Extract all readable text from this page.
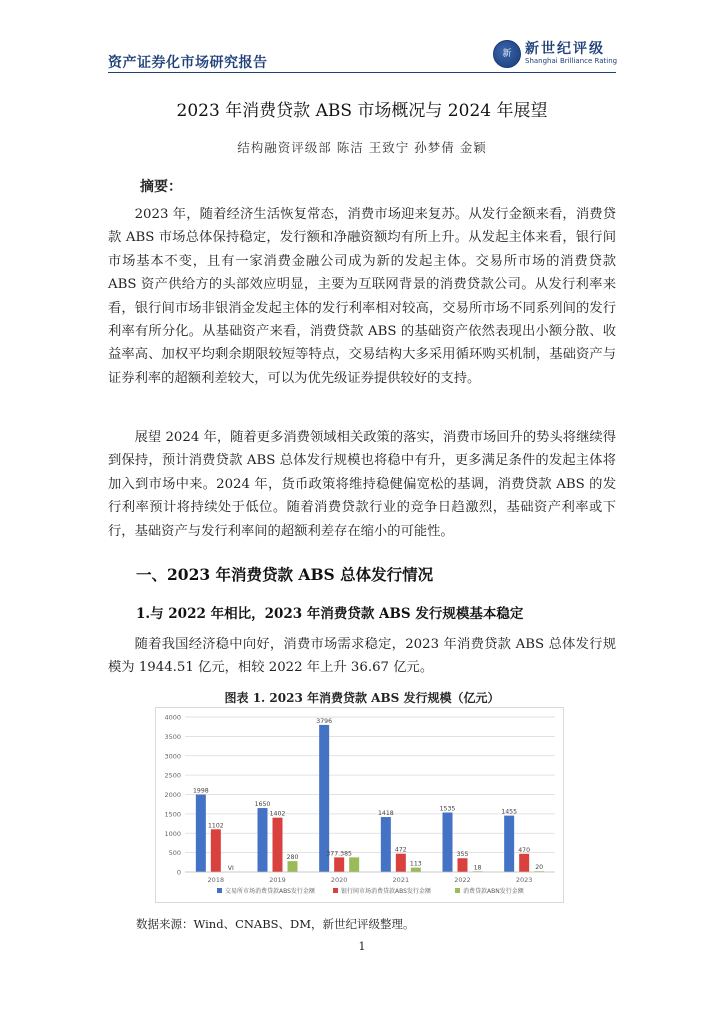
资产证券化市场研究报告
新 新世纪评级
Shanghai Brilliance Rating
2023 年消费贷款 ABS 市场概况与 2024 年展望
结构融资评级部 陈洁 王致宁 孙梦倩 金颖
摘要：

2023 年，随着经济生活恢复常态，消费市场迎来复苏。从发行金额来看，消费贷款 ABS 市场总体保持稳定，发行额和净融资额均有所上升。从发起主体来看，银行间市场基本不变，且有一家消费金融公司成为新的发起主体。交易所市场的消费贷款 ABS 资产供给方的头部效应明显，主要为互联网背景的消费贷款公司。从发行利率来看，银行间市场非银消金发起主体的发行利率相对较高，交易所市场不同系列间的发行利率有所分化。从基础资产来看，消费贷款 ABS 的基础资产依然表现出小额分散、收益率高、加权平均剩余期限较短等特点，交易结构大多采用循环购买机制，基础资产与证券利率的超额利差较大，可以为优先级证券提供较好的支持。

展望 2024 年，随着更多消费领域相关政策的落实，消费市场回升的势头将继续得到保持，预计消费贷款 ABS 总体发行规模也将稳中有升，更多满足条件的发起主体将加入到市场中来。2024 年，货币政策将维持稳健偏宽松的基调，消费贷款 ABS 的发行利率预计将持续处于低位。随着消费贷款行业的竞争日趋激烈，基础资产利率或下行，基础资产与发行利率间的超额利差存在缩小的可能性。

一、2023 年消费贷款 ABS 总体发行情况
1.与 2022 年相比，2023 年消费贷款 ABS 发行规模基本稳定

随着我国经济稳中向好，消费市场需求稳定，2023 年消费贷款 ABS 总体发行规模为 1944.51 亿元，相较 2022 年上升 36.67 亿元。

图表 1. 2023 年消费贷款 ABS 发行规模（亿元）
0
500
1000
1500
2000
2500
3000
3500
4000
1998
1102
VI
2018
1650
1402
280
2019
3796
377.385
2020
1418
472
113
2021
1535
355
18
2022
1455
470
20
2023
交易所市场消费贷款ABS发行金额	银行间市场消费贷款ABS发行金额	消费贷款ABN发行金额
数据来源：Wind、CNABS、DM，新世纪评级整理。
1
